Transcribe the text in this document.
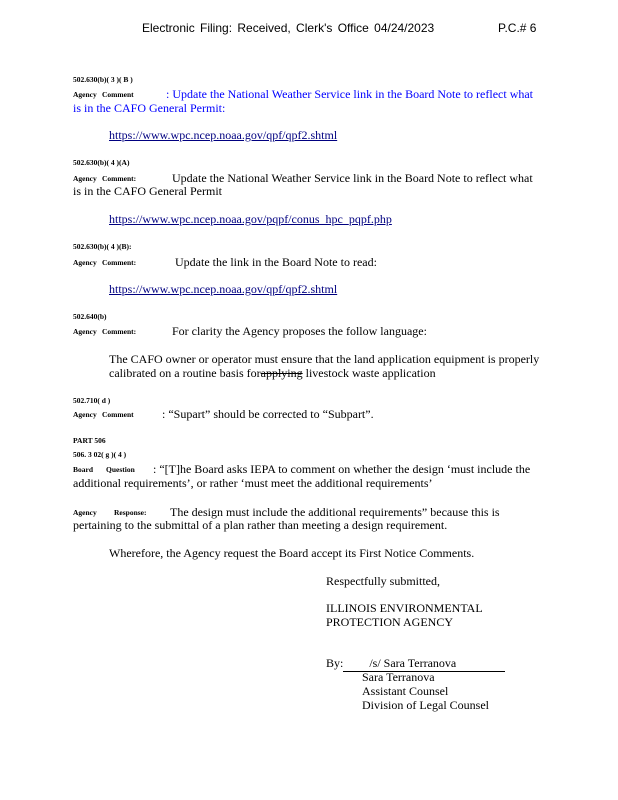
Electronic Filing: Received, Clerk's Office 04/24/2023	P.C.# 6
502.630(b)( 3 )( B )
Agency Comment	: Update the National Weather Service link in the Board Note to reflect what
is in the CAFO General Permit:
https://www.wpc.ncep.noaa.gov/qpf/qpf2.shtml
502.630(b)( 4 )(A)
Agency Comment:	Update the National Weather Service link in the Board Note to reflect what
is in the CAFO General Permit
https://www.wpc.ncep.noaa.gov/pqpf/conus_hpc_pqpf.php
502.630(b)( 4 )(B):
Agency Comment:	Update the link in the Board Note to read:
https://www.wpc.ncep.noaa.gov/qpf/qpf2.shtml
502.640(b)
Agency Comment:	For clarity the Agency proposes the follow language:
The CAFO owner or operator must ensure that the land application equipment is properly
calibrated on a routine basis forapplying livestock waste application
502.710( d )
Agency Comment : “Supart” should be corrected to “Subpart”.
PART 506
506. 3 02( g )( 4 )
Board Question : “[T]he Board asks IEPA to comment on whether the design ‘must include the
additional requirements’, or rather ‘must meet the additional requirements’
Agency Response: The design must include the additional requirements” because this is
pertaining to the submittal of a plan rather than meeting a design requirement.
Wherefore, the Agency request the Board accept its First Notice Comments.
Respectfully submitted,
ILLINOIS ENVIRONMENTAL
PROTECTION AGENCY
By: /s/ Sara Terranova
Sara Terranova
Assistant Counsel
Division of Legal Counsel
